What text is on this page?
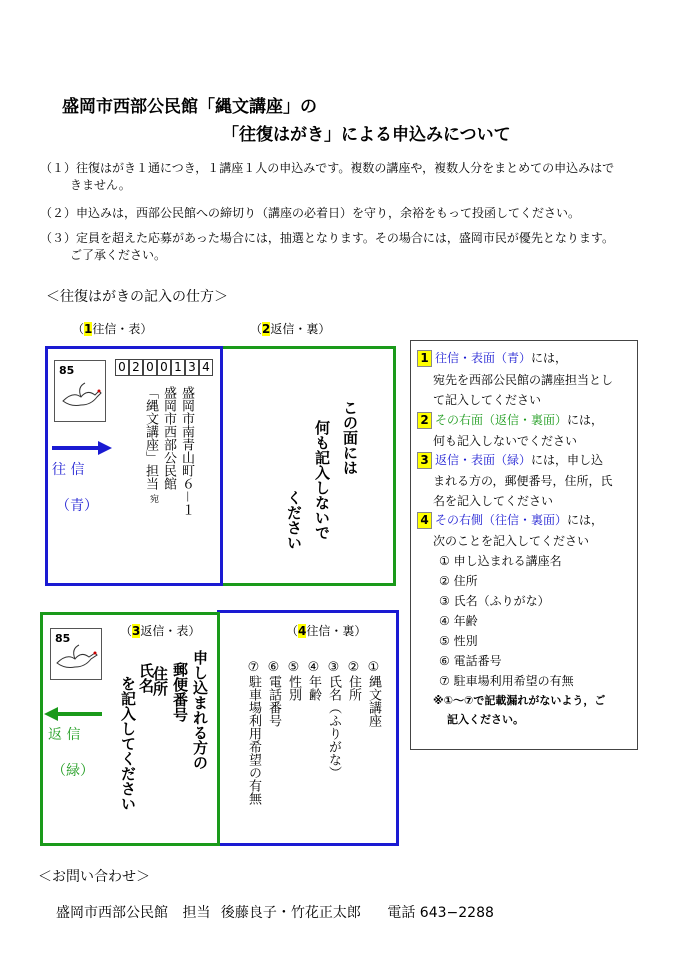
盛岡市西部公民館「縄文講座」の
「往復はがき」による申込みについて
（１）往復はがき１通につき，１講座１人の申込みです。複数の講座や，複数人分をまとめての申込みはで
きません。
（２）申込みは，西部公民館への締切り（講座の必着日）を守り，余裕をもって投函してください。
（３）定員を超えた応募があった場合には，抽選となります。その場合には，盛岡市民が優先となります。
ご了承ください。
＜往復はがきの記入の仕方＞
（1往信・表）	（2返信・裏）
85	0 2 0 0 1 3 4
盛岡市南青山町６－１
盛岡市西部公民館
「縄文講座」担当
宛
往 信
（青）
この面には
何も記入しないで
ください
1 往信・表面（青）には，
宛先を西部公民館の講座担当とし
て記入してください
2 その右面（返信・裏面）には，
何も記入しないでください
3 返信・表面（緑）には，申し込
まれる方の，郵便番号，住所，氏
名を記入してください
4 その右側（往信・裏面）には，
次のことを記入してください
① 申し込まれる講座名
② 住所
③ 氏名（ふりがな）
④ 年齢
⑤ 性別
⑥ 電話番号
⑦ 駐車場利用希望の有無
※①～⑦で記載漏れがないよう，ご
記入ください。
（3返信・表）	（4往信・裏）
85
返 信
（緑）
申し込まれる方の
郵便番号
住所
氏名
を記入してください	①縄文講座
②住所
③氏名（ふりがな）
④年齢
⑤性別
⑥電話番号
⑦駐車場利用希望の有無
＜お問い合わせ＞
盛岡市西部公民館 担当 後藤良子・竹花正太郎 電話 643−2288
